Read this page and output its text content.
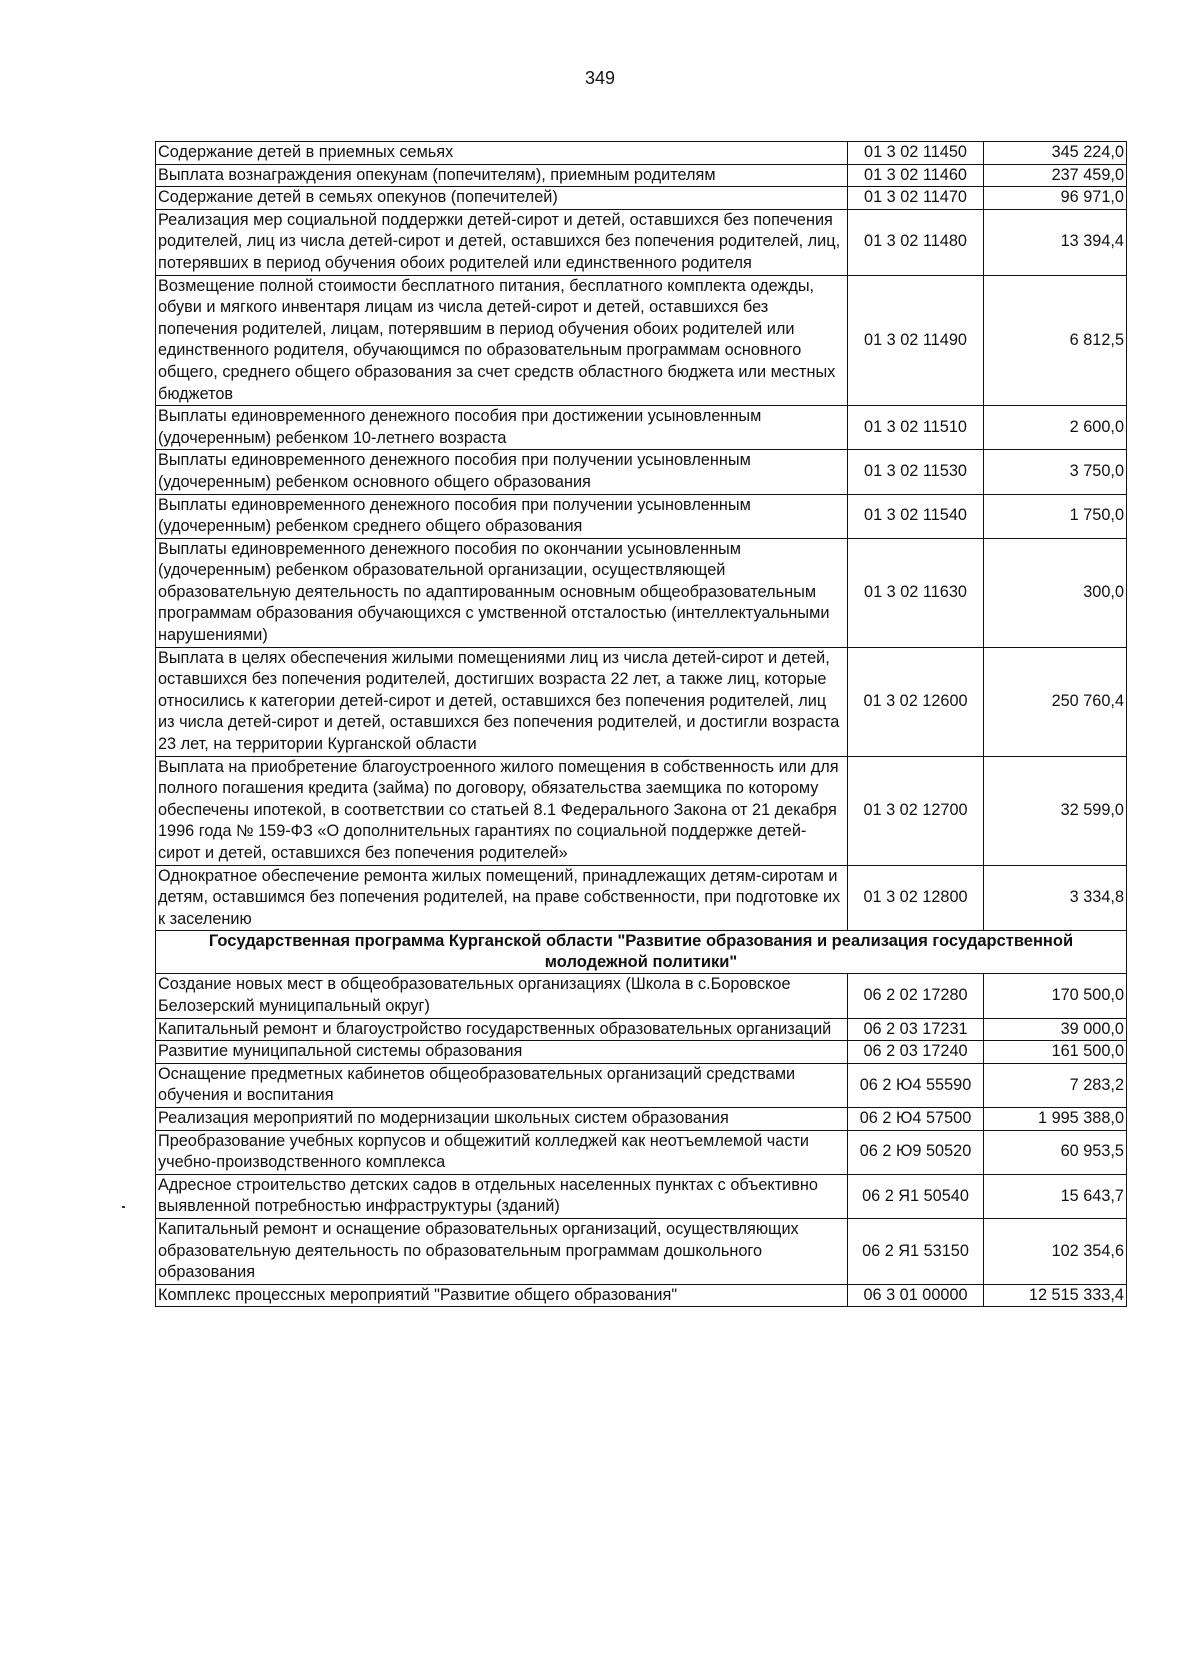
349
Содержание детей в приемных семьях	01 3 02 11450	345 224,0
Выплата вознаграждения опекунам (попечителям), приемным родителям	01 3 02 11460	237 459,0
Содержание детей в семьях опекунов (попечителей)	01 3 02 11470	96 971,0
Реализация мер социальной поддержки детей-сирот и детей, оставшихся без попечения родителей, лиц из числа детей-сирот и детей, оставшихся без попечения родителей, лиц, потерявших в период обучения обоих родителей или единственного родителя	01 3 02 11480	13 394,4
Возмещение полной стоимости бесплатного питания, бесплатного комплекта одежды, обуви и мягкого инвентаря лицам из числа детей-сирот и детей, оставшихся без попечения родителей, лицам, потерявшим в период обучения обоих родителей или единственного родителя, обучающимся по образовательным программам основного общего, среднего общего образования за счет средств областного бюджета или местных бюджетов	01 3 02 11490	6 812,5
Выплаты единовременного денежного пособия при достижении усыновленным (удочеренным) ребенком 10-летнего возраста	01 3 02 11510	2 600,0
Выплаты единовременного денежного пособия при получении усыновленным (удочеренным) ребенком основного общего образования	01 3 02 11530	3 750,0
Выплаты единовременного денежного пособия при получении усыновленным (удочеренным) ребенком среднего общего образования	01 3 02 11540	1 750,0
Выплаты единовременного денежного пособия по окончании усыновленным (удочеренным) ребенком образовательной организации, осуществляющей образовательную деятельность по адаптированным основным общеобразовательным программам образования обучающихся с умственной отсталостью (интеллектуальными нарушениями)	01 3 02 11630	300,0
Выплата в целях обеспечения жилыми помещениями лиц из числа детей-сирот и детей, оставшихся без попечения родителей, достигших возраста 22 лет, а также лиц, которые относились к категории детей-сирот и детей, оставшихся без попечения родителей, лиц из числа детей-сирот и детей, оставшихся без попечения родителей, и достигли возраста 23 лет, на территории Курганской области	01 3 02 12600	250 760,4
Выплата на приобретение благоустроенного жилого помещения в собственность или для полного погашения кредита (займа) по договору, обязательства заемщика по которому обеспечены ипотекой, в соответствии со статьей 8.1 Федерального Закона от 21 декабря 1996 года № 159-ФЗ «О дополнительных гарантиях по социальной поддержке детей-сирот и детей, оставшихся без попечения родителей»	01 3 02 12700	32 599,0
Однократное обеспечение ремонта жилых помещений, принадлежащих детям-сиротам и детям, оставшимся без попечения родителей, на праве собственности, при подготовке их к заселению	01 3 02 12800	3 334,8
Государственная программа Курганской области "Развитие образования и реализация государственной молодежной политики"		
Создание новых мест в общеобразовательных организациях (Школа в с.Боровское Белозерский муниципальный округ)	06 2 02 17280	170 500,0
Капитальный ремонт и благоустройство государственных образовательных организаций	06 2 03 17231	39 000,0
Развитие муниципальной системы образования	06 2 03 17240	161 500,0
Оснащение предметных кабинетов общеобразовательных организаций средствами обучения и воспитания	06 2 Ю4 55590	7 283,2
Реализация мероприятий по модернизации школьных систем образования	06 2 Ю4 57500	1 995 388,0
Преобразование учебных корпусов и общежитий колледжей как неотъемлемой части учебно-производственного комплекса	06 2 Ю9 50520	60 953,5
Адресное строительство детских садов в отдельных населенных пунктах с объективно выявленной потребностью инфраструктуры (зданий)	06 2 Я1 50540	15 643,7
Капитальный ремонт и оснащение образовательных организаций, осуществляющих образовательную деятельность по образовательным программам дошкольного образования	06 2 Я1 53150	102 354,6
Комплекс процессных мероприятий "Развитие общего образования"	06 3 01 00000	12 515 333,4
